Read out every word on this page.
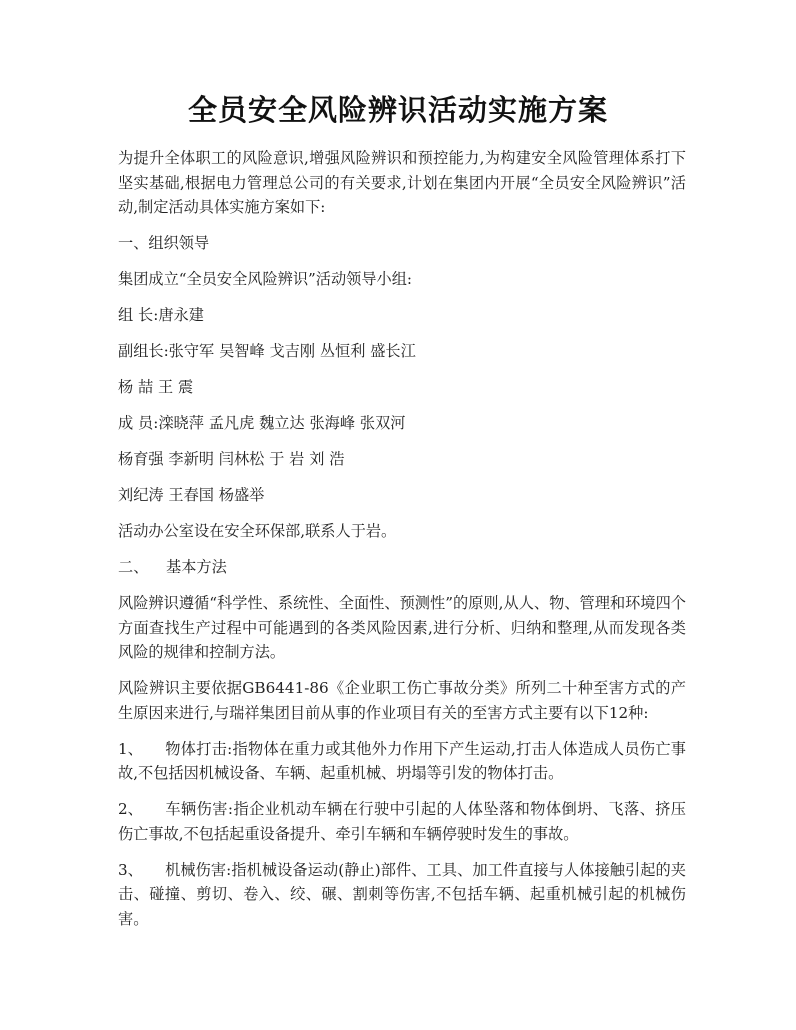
全员安全风险辨识活动实施方案

为提升全体职工的风险意识,增强风险辨识和预控能力,为构建安全风险管理体系打下坚实基础,根据电力管理总公司的有关要求,计划在集团内开展“全员安全风险辨识”活动,制定活动具体实施方案如下:

一、组织领导

集团成立“全员安全风险辨识”活动领导小组:

组 长:唐永建

副组长:张守军 吴智峰 戈吉刚 丛恒利 盛长江

杨 喆 王 震

成 员:滦晓萍 孟凡虎 魏立达 张海峰 张双河

杨育强 李新明 闫林松 于 岩 刘 浩

刘纪涛 王春国 杨盛举

活动办公室设在安全环保部,联系人于岩。

二、 基本方法

风险辨识遵循“科学性、系统性、全面性、预测性”的原则,从人、物、管理和环境四个方面查找生产过程中可能遇到的各类风险因素,进行分析、归纳和整理,从而发现各类风险的规律和控制方法。

风险辨识主要依据GB6441-86《企业职工伤亡事故分类》所列二十种至害方式的产生原因来进行,与瑞祥集团目前从事的作业项目有关的至害方式主要有以下12种:

1、 物体打击:指物体在重力或其他外力作用下产生运动,打击人体造成人员伤亡事故,不包括因机械设备、车辆、起重机械、坍塌等引发的物体打击。

2、 车辆伤害:指企业机动车辆在行驶中引起的人体坠落和物体倒坍、飞落、挤压伤亡事故,不包括起重设备提升、牵引车辆和车辆停驶时发生的事故。

3、 机械伤害:指机械设备运动(静止)部件、工具、加工件直接与人体接触引起的夹击、碰撞、剪切、卷入、绞、碾、割刺等伤害,不包括车辆、起重机械引起的机械伤害。
